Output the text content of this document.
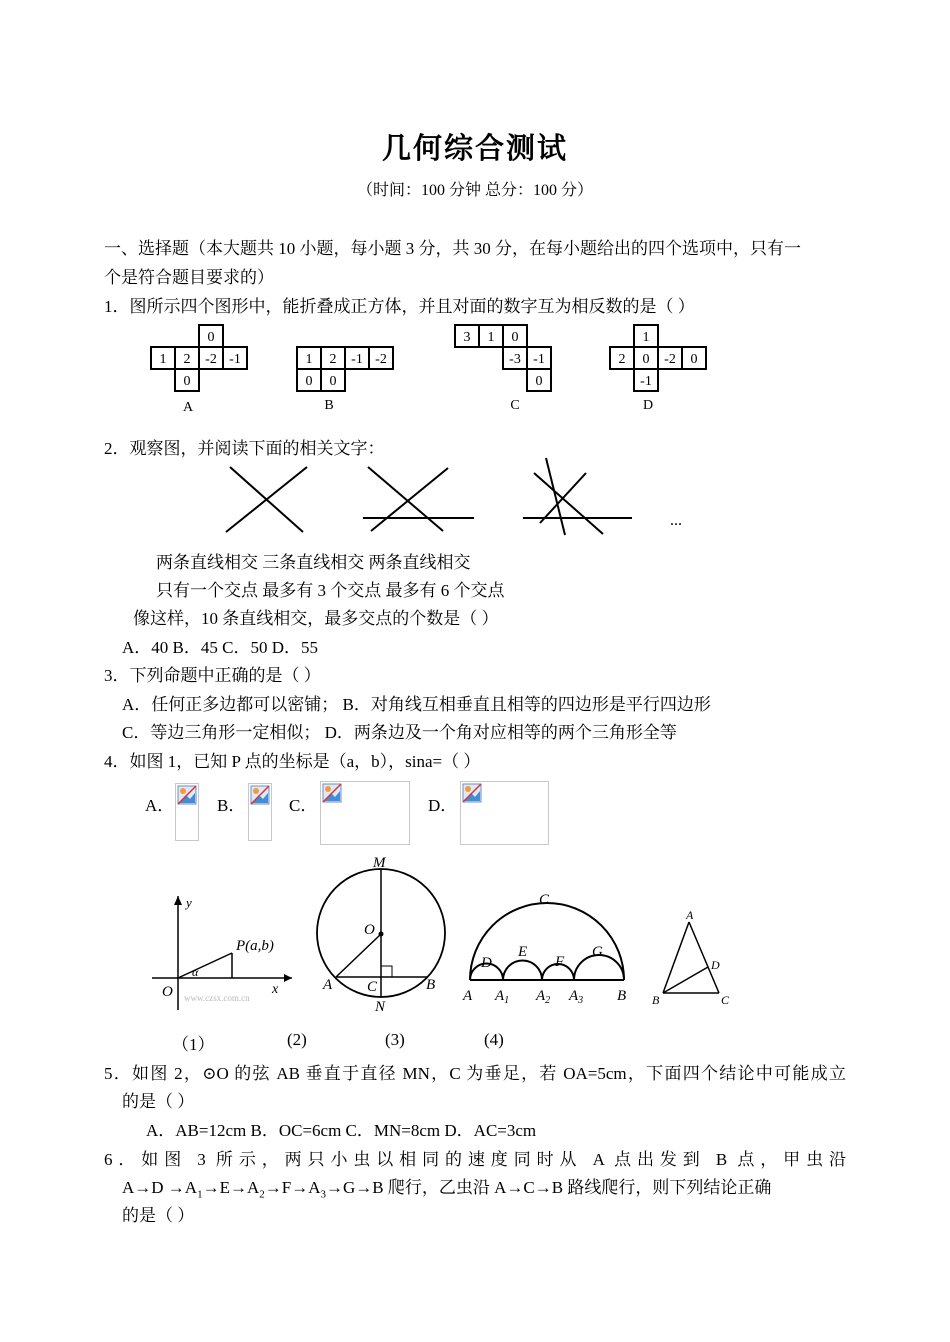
几何综合测试
（时间：100 分钟 总分：100 分）
一、选择题（本大题共 10 小题，每小题 3 分，共 30 分，在每小题给出的四个选项中，只有一
个是符合题目要求的）
1．图所示四个图形中，能折叠成正方体，并且对面的数字互为相反数的是（ ）
0
1 2 -2 -1
0
1 2 -1 -2
0 0
3 1 0
-3 -1
0
1
2 0 -2 0
-1
A	B	C	D
2．观察图，并阅读下面的相关文字：
...
两条直线相交 三条直线相交 两条直线相交
只有一个交点 最多有 3 个交点 最多有 6 个交点
像这样，10 条直线相交，最多交点的个数是（ ）
A．40 B．45 C．50 D．55
3．下列命题中正确的是（ ）
A．任何正多边都可以密铺； B．对角线互相垂直且相等的四边形是平行四边形
C．等边三角形一定相似； D．两条边及一个角对应相等的两个三角形全等
4．如图 1，已知 P 点的坐标是（a，b），sina=（ ）
A．	B．	C．	D．
y
x
O
P(a,b)
α
www.czsx.com.cn
M
O
A C	B
N
C
D
E
F
G
A $A_1$ $A_2$ $A_3$ B
A
D
B	C
（1）	(2)	(3)	(4)
5．如图 2，⊙O 的弦 AB 垂直于直径 MN，C 为垂足，若 OA=5cm，下面四个结论中可能成立
的是（ ）
A．AB=12cm B．OC=6cm C．MN=8cm D．AC=3cm
6．如图 3 所示，两只小虫以相同的速度同时从 A 点出发到 B 点，甲虫沿
$A\to D \to A_1\to E\to A_2\to F\to A_3\to G\to B$ 爬行，乙虫沿 A→C→B 路线爬行，则下列结论正确
的是（ ）
